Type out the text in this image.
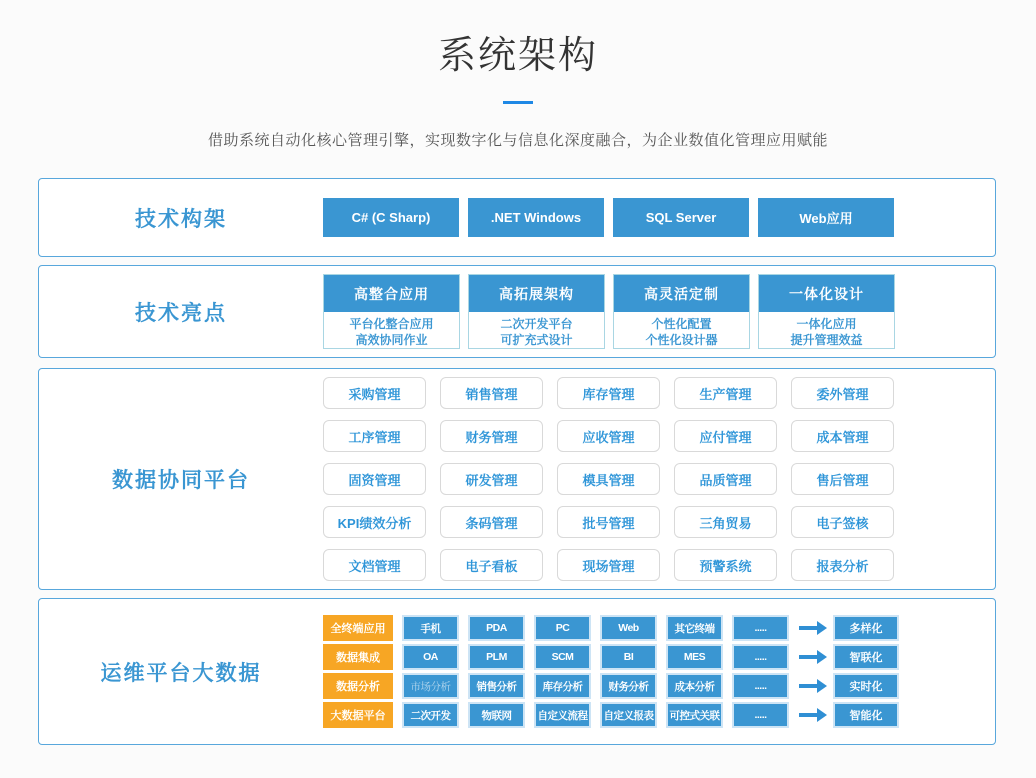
系统架构

借助系统自动化核心管理引擎，实现数字化与信息化深度融合，为企业数值化管理应用赋能

技术构架	C# (C Sharp)	.NET Windows	SQL Server	Web应用
技术亮点
高整合应用
平台化整合应用
高效协同作业
高拓展架构
二次开发平台
可扩充式设计
高灵活定制
个性化配置
个性化设计器
一体化设计
一体化应用
提升管理效益
数据协同平台
采购管理	销售管理	库存管理	生产管理	委外管理
工序管理	财务管理	应收管理	应付管理	成本管理
固资管理	研发管理	模具管理	品质管理	售后管理
KPI绩效分析	条码管理	批号管理	三角贸易	电子签核
文档管理	电子看板	现场管理	预警系统	报表分析
运维平台大数据
全终端应用	手机	PDA	PC	Web	其它终端	.....	多样化
数据集成	OA	PLM	SCM	BI	MES	.....	智联化
数据分析	市场分析	销售分析	库存分析	财务分析	成本分析	.....	实时化
大数据平台	二次开发	物联网	自定义流程	自定义报表	可控式关联	.....	智能化
